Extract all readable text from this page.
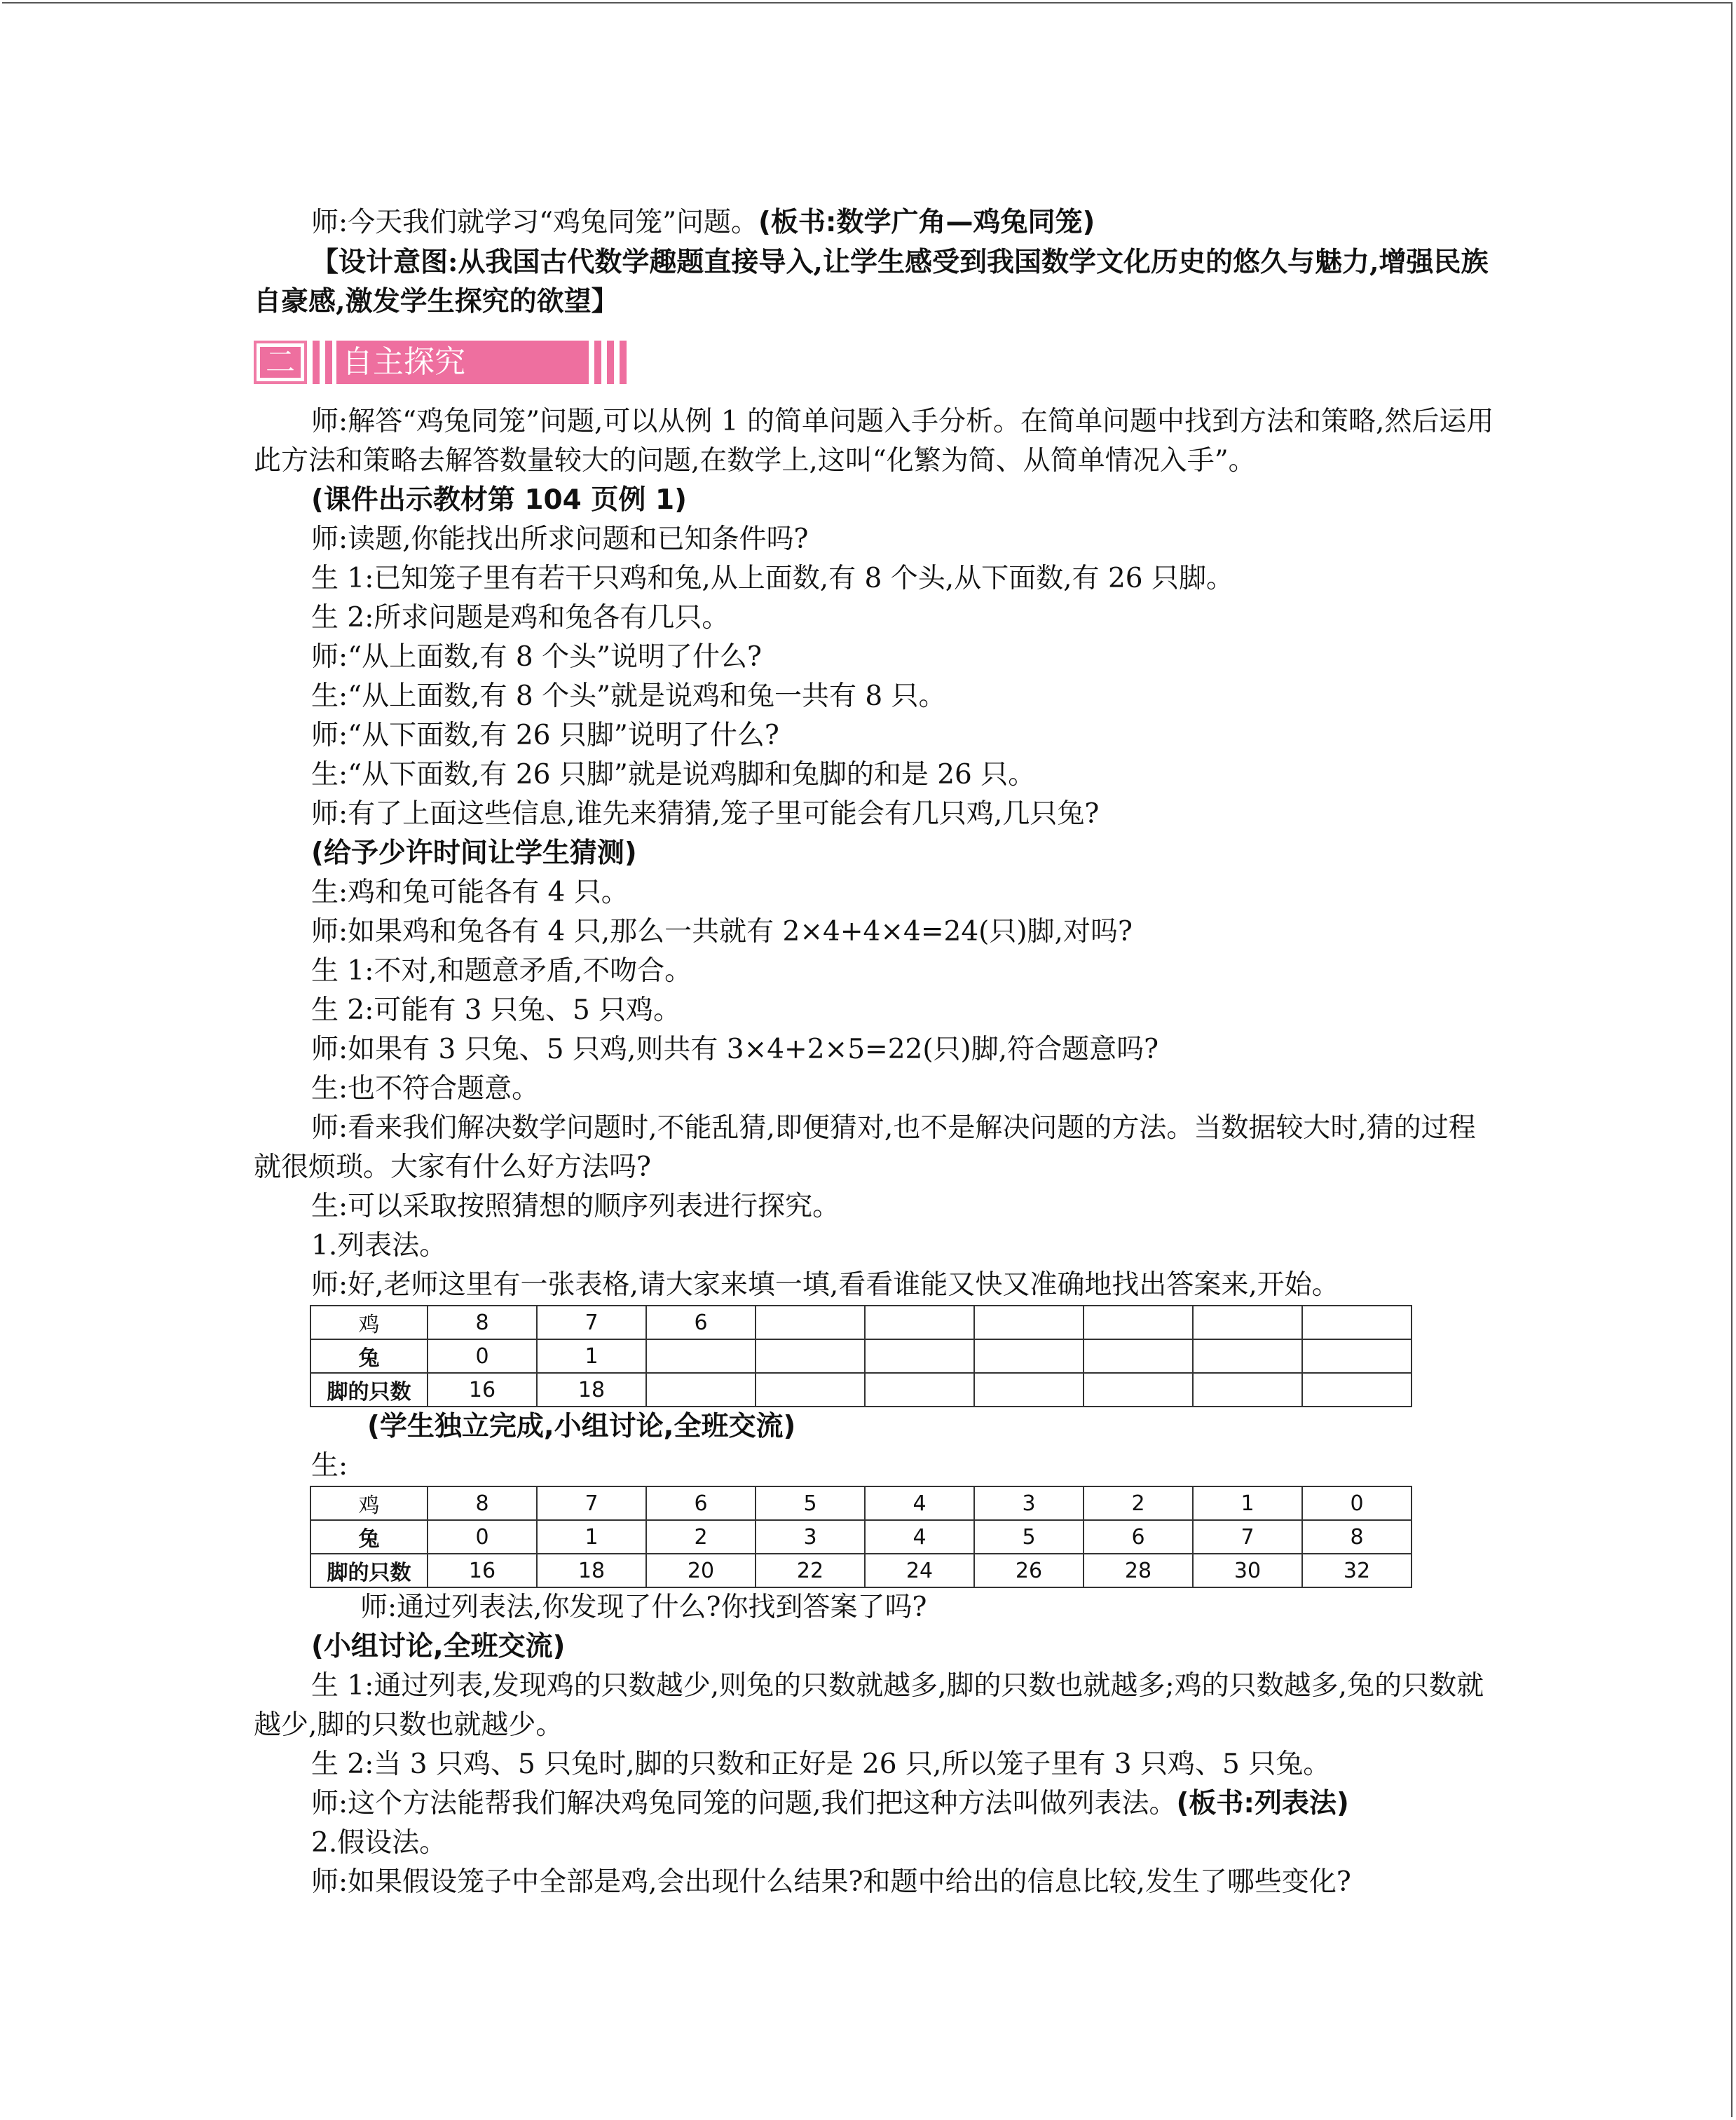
师:今天我们就学习“鸡兔同笼”问题。(板书:数学广角—鸡兔同笼)

【设计意图:从我国古代数学趣题直接导入,让学生感受到我国数学文化历史的悠久与魅力,增强民族自豪感,激发学生探究的欲望】

二 自主探究

师:解答“鸡兔同笼”问题,可以从例 1 的简单问题入手分析。在简单问题中找到方法和策略,然后运用此方法和策略去解答数量较大的问题,在数学上,这叫“化繁为简、从简单情况入手”。

(课件出示教材第 104 页例 1)

师:读题,你能找出所求问题和已知条件吗?

生 1:已知笼子里有若干只鸡和兔,从上面数,有 8 个头,从下面数,有 26 只脚。

生 2:所求问题是鸡和兔各有几只。

师:“从上面数,有 8 个头”说明了什么?

生:“从上面数,有 8 个头”就是说鸡和兔一共有 8 只。

师:“从下面数,有 26 只脚”说明了什么?

生:“从下面数,有 26 只脚”就是说鸡脚和兔脚的和是 26 只。

师:有了上面这些信息,谁先来猜猜,笼子里可能会有几只鸡,几只兔?

(给予少许时间让学生猜测)

生:鸡和兔可能各有 4 只。

师:如果鸡和兔各有 4 只,那么一共就有 2×4+4×4=24(只)脚,对吗?

生 1:不对,和题意矛盾,不吻合。

生 2:可能有 3 只兔、5 只鸡。

师:如果有 3 只兔、5 只鸡,则共有 3×4+2×5=22(只)脚,符合题意吗?

生:也不符合题意。

师:看来我们解决数学问题时,不能乱猜,即便猜对,也不是解决问题的方法。当数据较大时,猜的过程就很烦琐。大家有什么好方法吗?

生:可以采取按照猜想的顺序列表进行探究。

1.列表法。

师:好,老师这里有一张表格,请大家来填一填,看看谁能又快又准确地找出答案来,开始。

鸡	8	7	6						
兔	0	1							
脚的只数	16	18							

(学生独立完成,小组讨论,全班交流)

生:

鸡	8	7	6	5	4	3	2	1	0
兔	0	1	2	3	4	5	6	7	8
脚的只数	16	18	20	22	24	26	28	30	32

师:通过列表法,你发现了什么?你找到答案了吗?

(小组讨论,全班交流)

生 1:通过列表,发现鸡的只数越少,则兔的只数就越多,脚的只数也就越多;鸡的只数越多,兔的只数就越少,脚的只数也就越少。

生 2:当 3 只鸡、5 只兔时,脚的只数和正好是 26 只,所以笼子里有 3 只鸡、5 只兔。

师:这个方法能帮我们解决鸡兔同笼的问题,我们把这种方法叫做列表法。(板书:列表法)

2.假设法。

师:如果假设笼子中全部是鸡,会出现什么结果?和题中给出的信息比较,发生了哪些变化?
